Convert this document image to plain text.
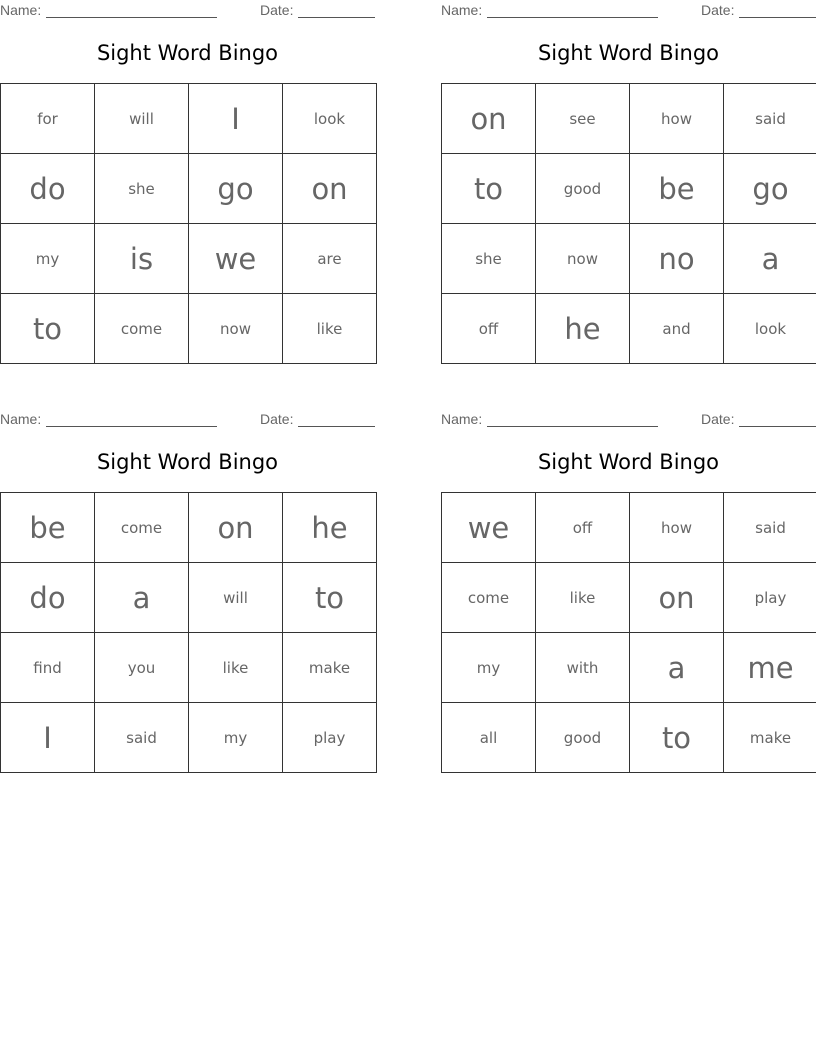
Name:	Date:
Sight Word Bingo
for	will	I	look
do	she	go	on
my	is	we	are
to	come	now	like
Name:	Date:
Sight Word Bingo
on	see	how	said
to	good	be	go
she	now	no	a
off	he	and	look
Name:	Date:
Sight Word Bingo
be	come	on	he
do	a	will	to
find	you	like	make
I	said	my	play
Name:	Date:
Sight Word Bingo
we	off	how	said
come	like	on	play
my	with	a	me
all	good	to	make
